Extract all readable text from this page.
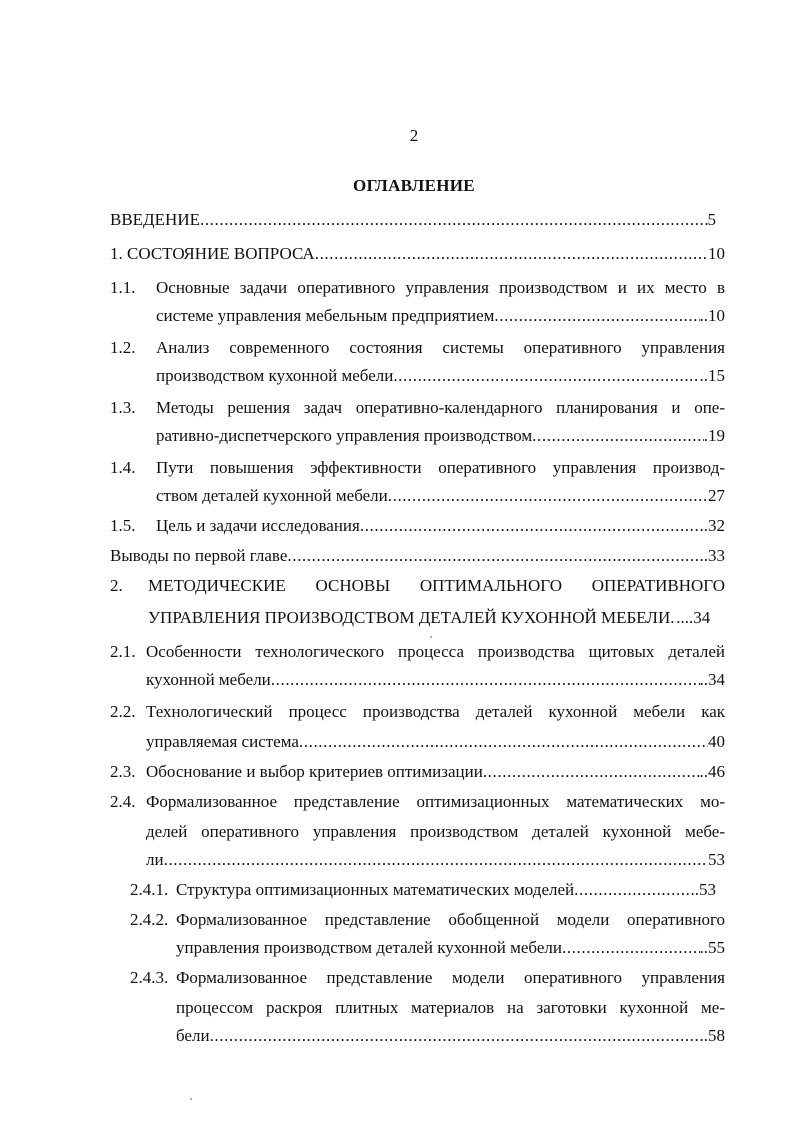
2
ОГЛАВЛЕНИЕ
ВВЕДЕНИЕ .....	5
1. СОСТОЯНИЕ ВОПРОСА .....	10
1.1. Основные задачи оперативного управления производством и их место в
системе управления мебельным предприятием .....	..10
1.2. Анализ современного состояния системы оперативного управления
производством кухонной мебели .....	..15
1.3. Методы решения задач оперативно-календарного планирования и опе-
ративно-диспетчерского управления производством .....	.19
1.4. Пути повышения эффективности оперативного управления производ-
ством деталей кухонной мебели .....	27
1.5. Цель и задачи исследования .....	..32
Выводы по первой главе .....	..33
2. МЕТОДИЧЕСКИЕ ОСНОВЫ ОПТИМАЛЬНОГО ОПЕРАТИВНОГО
УПРАВЛЕНИЯ ПРОИЗВОДСТВОМ ДЕТАЛЕЙ КУХОННОЙ МЕБЕЛИ ..... ....34
2.1. Особенности технологического процесса производства щитовых деталей
кухонной мебели .....	..34
2.2. Технологический процесс производства деталей кухонной мебели как
управляемая система .....	40
2.3. Обоснование и выбор критериев оптимизации .....	..46
2.4. Формализованное представление оптимизационных математических мо-
делей оперативного управления производством деталей кухонной мебе-
ли .....	53
2.4.1. Структура оптимизационных математических моделей .....	..53
2.4.2. Формализованное представление обобщенной модели оперативного
управления производством деталей кухонной мебели .....	..55
2.4.3. Формализованное представление модели оперативного управления
процессом раскроя плитных материалов на заготовки кухонной ме-
бели .....	..58
